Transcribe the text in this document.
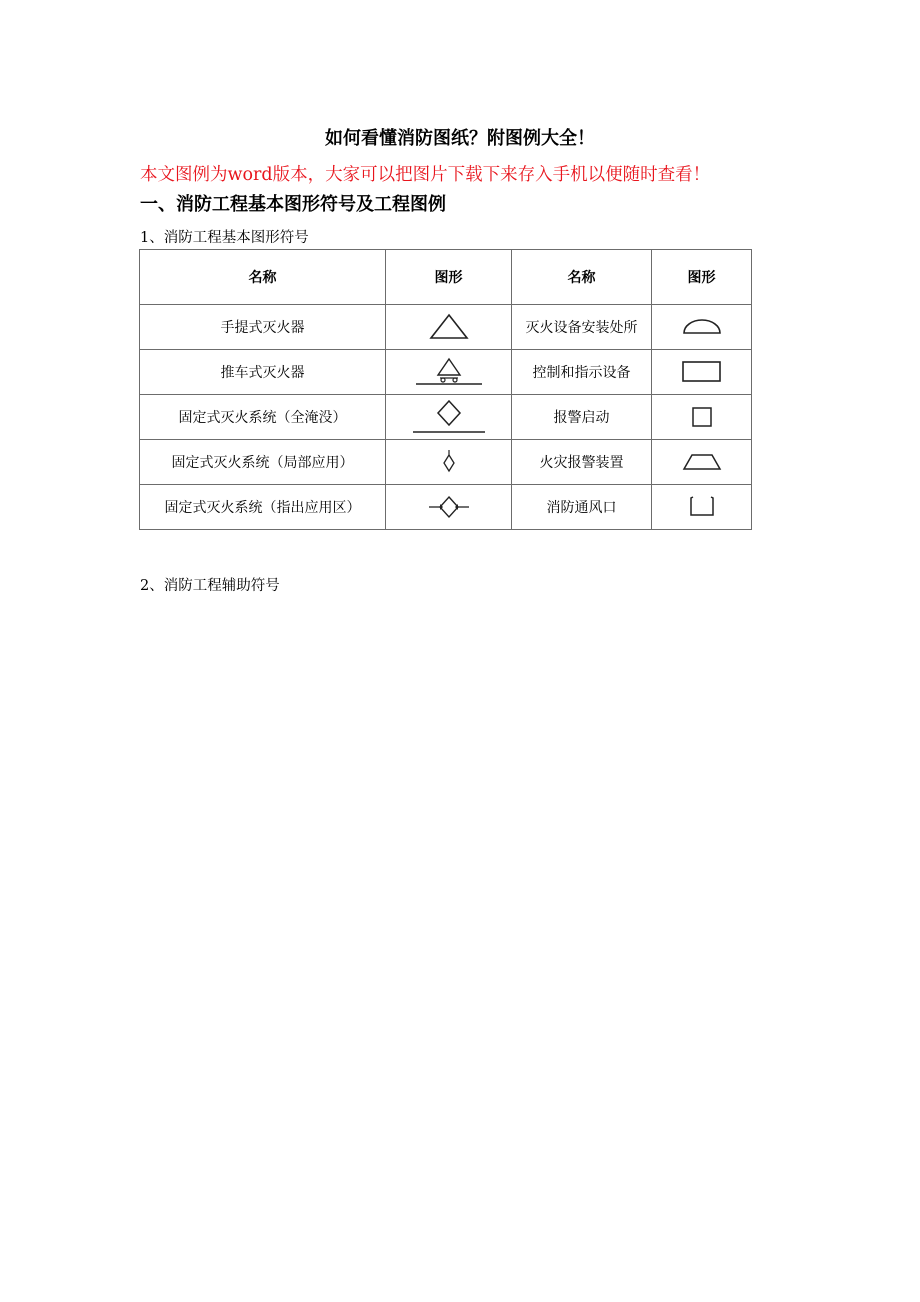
如何看懂消防图纸？附图例大全！
本文图例为word版本，大家可以把图片下载下来存入手机以便随时查看！
一、消防工程基本图形符号及工程图例
1、消防工程基本图形符号
名称	图形	名称	图形
手提式灭火器		灭火设备安装处所	

推车式灭火器		控制和指示设备	

固定式灭火系统（全淹没）		报警启动	

固定式灭火系统（局部应用）		火灾报警装置	

固定式灭火系统（指出应用区）		消防通风口	
2、消防工程辅助符号
